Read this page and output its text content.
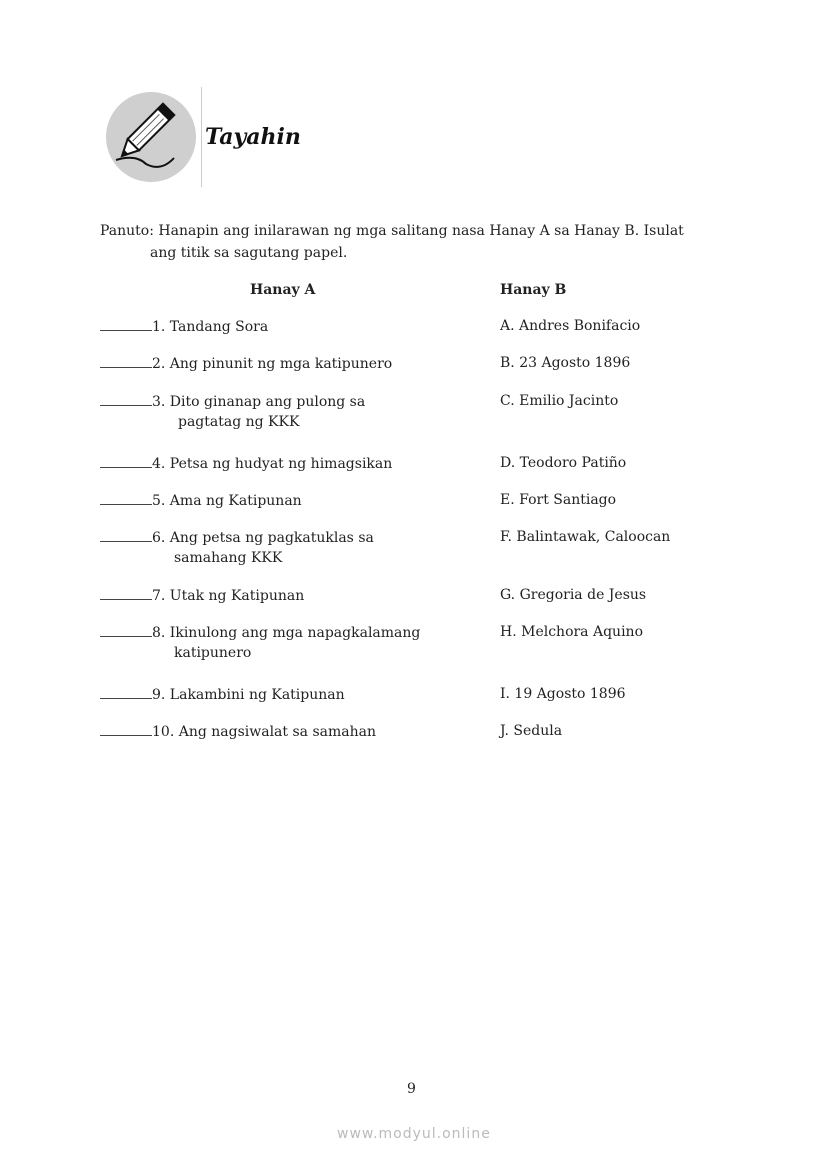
Tayahin
Panuto: Hanapin ang inilarawan ng mga salitang nasa Hanay A sa Hanay B. Isulat
ang titik sa sagutang papel.
Hanay A	Hanay B
1. Tandang Sora	A. Andres Bonifacio
2. Ang pinunit ng mga katipunero	B. 23 Agosto 1896
3. Dito ginanap ang pulong sa
pagtatag ng KKK
C. Emilio Jacinto
4. Petsa ng hudyat ng himagsikan	D. Teodoro Patiño
5. Ama ng Katipunan	E. Fort Santiago
6. Ang petsa ng pagkatuklas sa
samahang KKK
F. Balintawak, Caloocan
7. Utak ng Katipunan	G. Gregoria de Jesus
8. Ikinulong ang mga napagkalamang
katipunero
H. Melchora Aquino
9. Lakambini ng Katipunan	I. 19 Agosto 1896
10. Ang nagsiwalat sa samahan	J. Sedula
9
www.modyul.online
